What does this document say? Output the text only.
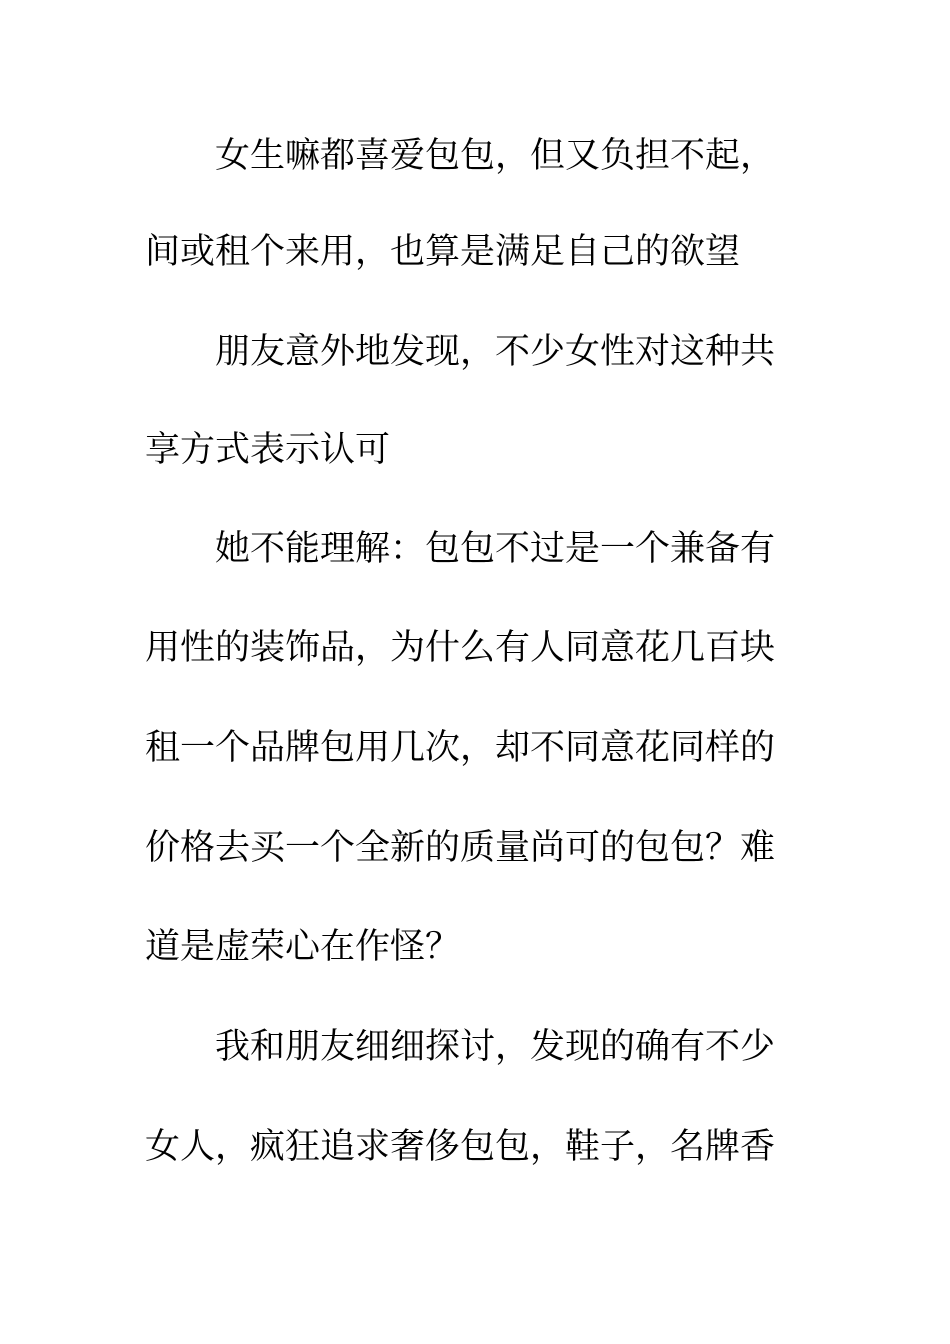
女生嘛都喜爱包包，但又负担不起，
间或租个来用，也算是满足自己的欲望
朋友意外地发现，不少女性对这种共
享方式表示认可
她不能理解：包包不过是一个兼备有
用性的装饰品，为什么有人同意花几百块
租一个品牌包用几次，却不同意花同样的
价格去买一个全新的质量尚可的包包？难
道是虚荣心在作怪？
我和朋友细细探讨，发现的确有不少
女人，疯狂追求奢侈包包，鞋子，名牌香
